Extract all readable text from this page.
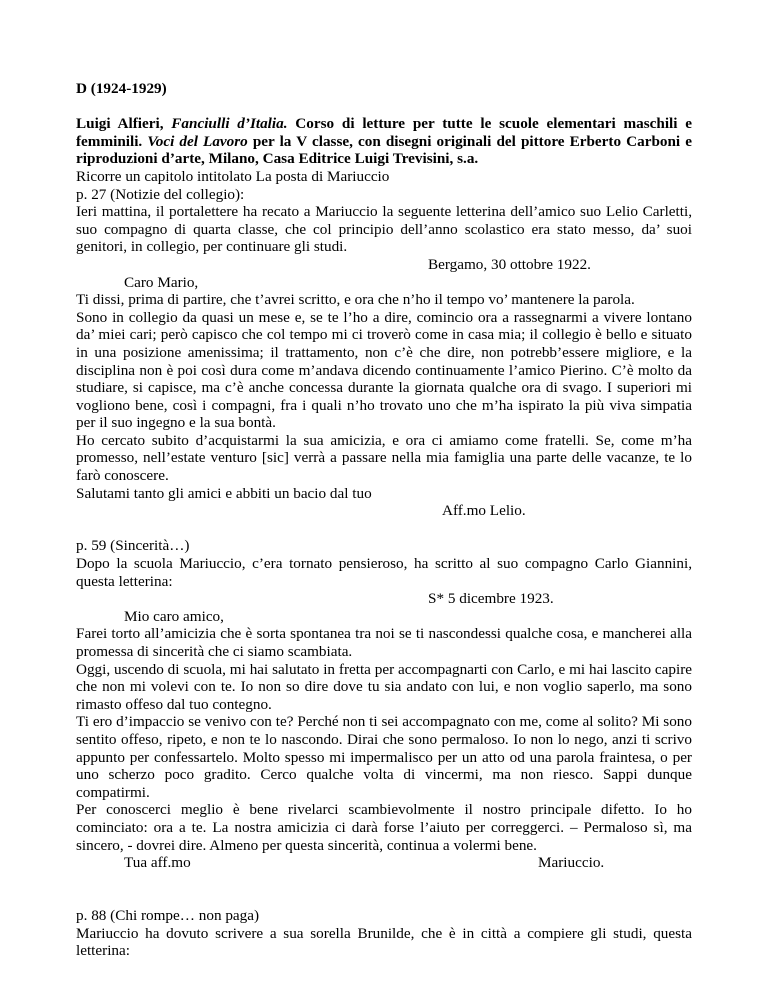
D (1924-1929)

Luigi Alfieri, Fanciulli d’Italia. Corso di letture per tutte le scuole elementari maschili e femminili. Voci del Lavoro per la V classe, con disegni originali del pittore Erberto Carboni e riproduzioni d’arte, Milano, Casa Editrice Luigi Trevisini, s.a.

Ricorre un capitolo intitolato La posta di Mariuccio

p. 27 (Notizie del collegio):

Ieri mattina, il portalettere ha recato a Mariuccio la seguente letterina dell’amico suo Lelio Carletti, suo compagno di quarta classe, che col principio dell’anno scolastico era stato messo, da’ suoi genitori, in collegio, per continuare gli studi.

Bergamo, 30 ottobre 1922.

Caro Mario,

Ti dissi, prima di partire, che t’avrei scritto, e ora che n’ho il tempo vo’ mantenere la parola.

Sono in collegio da quasi un mese e, se te l’ho a dire, comincio ora a rassegnarmi a vivere lontano da’ miei cari; però capisco che col tempo mi ci troverò come in casa mia; il collegio è bello e situato in una posizione amenissima; il trattamento, non c’è che dire, non potrebb’essere migliore, e la disciplina non è poi così dura come m’andava dicendo continuamente l’amico Pierino. C’è molto da studiare, si capisce, ma c’è anche concessa durante la giornata qualche ora di svago. I superiori mi vogliono bene, così i compagni, fra i quali n’ho trovato uno che m’ha ispirato la più viva simpatia per il suo ingegno e la sua bontà.

Ho cercato subito d’acquistarmi la sua amicizia, e ora ci amiamo come fratelli. Se, come m’ha promesso, nell’estate venturo [sic] verrà a passare nella mia famiglia una parte delle vacanze, te lo farò conoscere.

Salutami tanto gli amici e abbiti un bacio dal tuo

Aff.mo Lelio.

p. 59 (Sincerità…)

Dopo la scuola Mariuccio, c’era tornato pensieroso, ha scritto al suo compagno Carlo Giannini, questa letterina:

S* 5 dicembre 1923.

Mio caro amico,

Farei torto all’amicizia che è sorta spontanea tra noi se ti nascondessi qualche cosa, e mancherei alla promessa di sincerità che ci siamo scambiata.

Oggi, uscendo di scuola, mi hai salutato in fretta per accompagnarti con Carlo, e mi hai lascito capire che non mi volevi con te. Io non so dire dove tu sia andato con lui, e non voglio saperlo, ma sono rimasto offeso dal tuo contegno.

Ti ero d’impaccio se venivo con te? Perché non ti sei accompagnato con me, come al solito? Mi sono sentito offeso, ripeto, e non te lo nascondo. Dirai che sono permaloso. Io non lo nego, anzi ti scrivo appunto per confessartelo. Molto spesso mi impermalisco per un atto od una parola fraintesa, o per uno scherzo poco gradito. Cerco qualche volta di vincermi, ma non riesco. Sappi dunque compatirmi.

Per conoscerci meglio è bene rivelarci scambievolmente il nostro principale difetto. Io ho cominciato: ora a te. La nostra amicizia ci darà forse l’aiuto per correggerci. – Permaloso sì, ma sincero, - dovrei dire. Almeno per questa sincerità, continua a volermi bene.

Tua aff.mo	Mariuccio.

p. 88 (Chi rompe… non paga)

Mariuccio ha dovuto scrivere a sua sorella Brunilde, che è in città a compiere gli studi, questa letterina:
